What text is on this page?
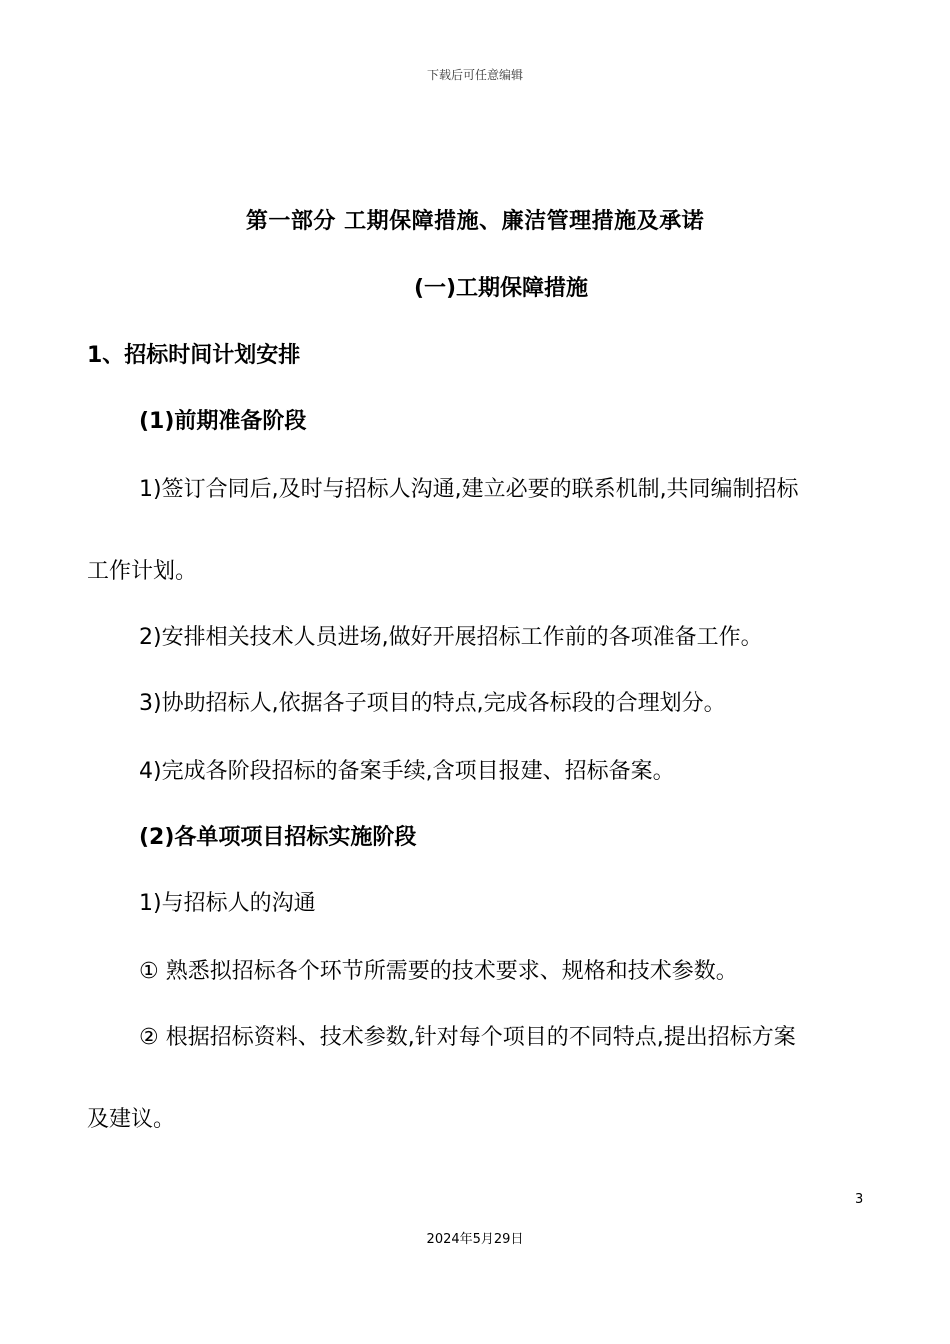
下载后可任意编辑
第一部分 工期保障措施、廉洁管理措施及承诺
(一)工期保障措施
1、招标时间计划安排
(1)前期准备阶段
1)签订合同后,及时与招标人沟通,建立必要的联系机制,共同编制招标
工作计划。
2)安排相关技术人员进场,做好开展招标工作前的各项准备工作。
3)协助招标人,依据各子项目的特点,完成各标段的合理划分。
4)完成各阶段招标的备案手续,含项目报建、招标备案。
(2)各单项项目招标实施阶段
1)与招标人的沟通
① 熟悉拟招标各个环节所需要的技术要求、规格和技术参数。
② 根据招标资料、技术参数,针对每个项目的不同特点,提出招标方案
及建议。
3
2024年5月29日
